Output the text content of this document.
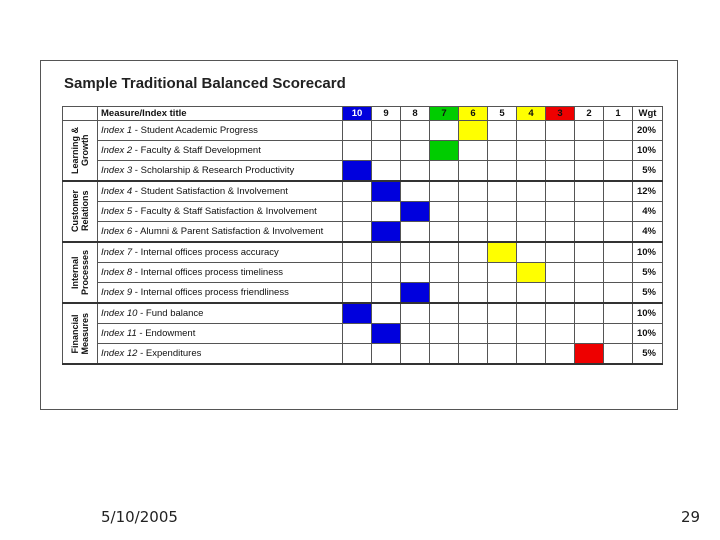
Sample Traditional Balanced Scorecard
	Measure/Index title	10	9	8	7	6	5	4	3	2	1	Wgt

Learning &
Growth	Index 1 - Student Academic Progress											20%
	Index 2 - Faculty & Staff Development											10%
	Index 3 - Scholarship & Research Productivity											5%

Customer
Relations	Index 4 - Student Satisfaction & Involvement											12%
	Index 5 - Faculty & Staff Satisfaction & Involvement											4%
	Index 6 - Alumni & Parent Satisfaction & Involvement											4%

Internal
Processes	Index 7 - Internal offices process accuracy											10%
	Index 8 - Internal offices process timeliness											5%
	Index 9 - Internal offices process friendliness											5%

Financial
Measures	Index 10 - Fund balance											10%
	Index 11 - Endowment											10%
	Index 12 - Expenditures											5%
5/10/2005	29
